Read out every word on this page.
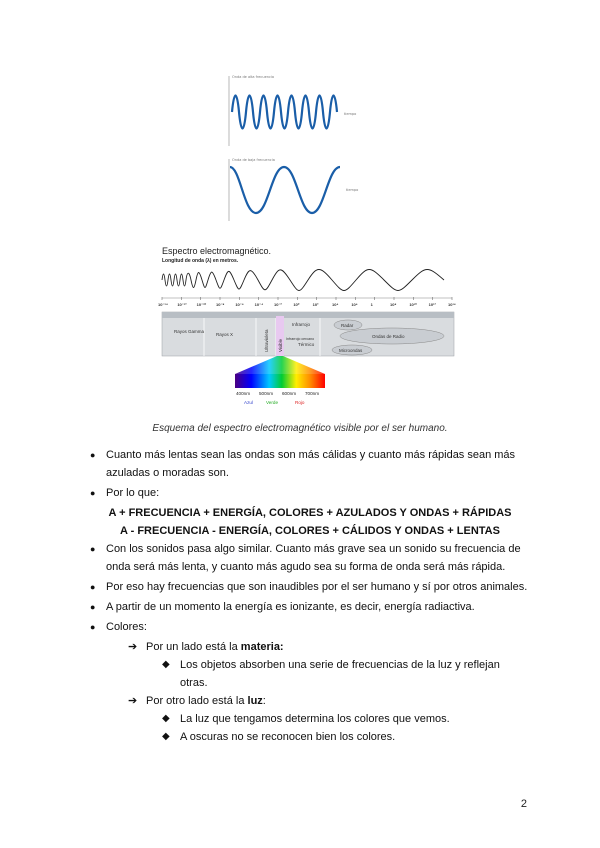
Onda de alta frecuencia
tiempo
Onda de baja frecuencia
tiempo
Espectro electromagnético.
Longitud de onda (λ) en metros.
10⁻¹⁴ 10⁻¹²	10⁻¹⁰ 10⁻⁸	10⁻⁶	10⁻⁴	10⁻²	10⁰	10²	10⁴	10⁶	1	10⁸	10¹⁰	10¹²	10¹⁴
Rayos Gamma
Rayos X	Ultravioleta Visible Infrarrojo cercano
Infrarrojo
Térmico
Radar
Ondas de Radio
Microondas
400nm 500nm 600nm 700nm
Azul	Verde	Rojo
Esquema del espectro electromagnético visible por el ser humano.
● Cuanto más lentas sean las ondas son más cálidas y cuanto más rápidas sean más azuladas o moradas son.
● Por lo que:
A + FRECUENCIA + ENERGÍA, COLORES + AZULADOS Y ONDAS + RÁPIDAS
A - FRECUENCIA - ENERGÍA, COLORES + CÁLIDOS Y ONDAS + LENTAS
● Con los sonidos pasa algo similar. Cuanto más grave sea un sonido su frecuencia de onda será más lenta, y cuanto más agudo sea su forma de onda será más rápida.
● Por eso hay frecuencias que son inaudibles por el ser humano y sí por otros animales.
● A partir de un momento la energía es ionizante, es decir, energía radiactiva.
● Colores:
➔ Por un lado está la materia:
◆ Los objetos absorben una serie de frecuencias de la luz y reflejan otras.
➔ Por otro lado está la luz:
◆ La luz que tengamos determina los colores que vemos.
◆ A oscuras no se reconocen bien los colores.
2
